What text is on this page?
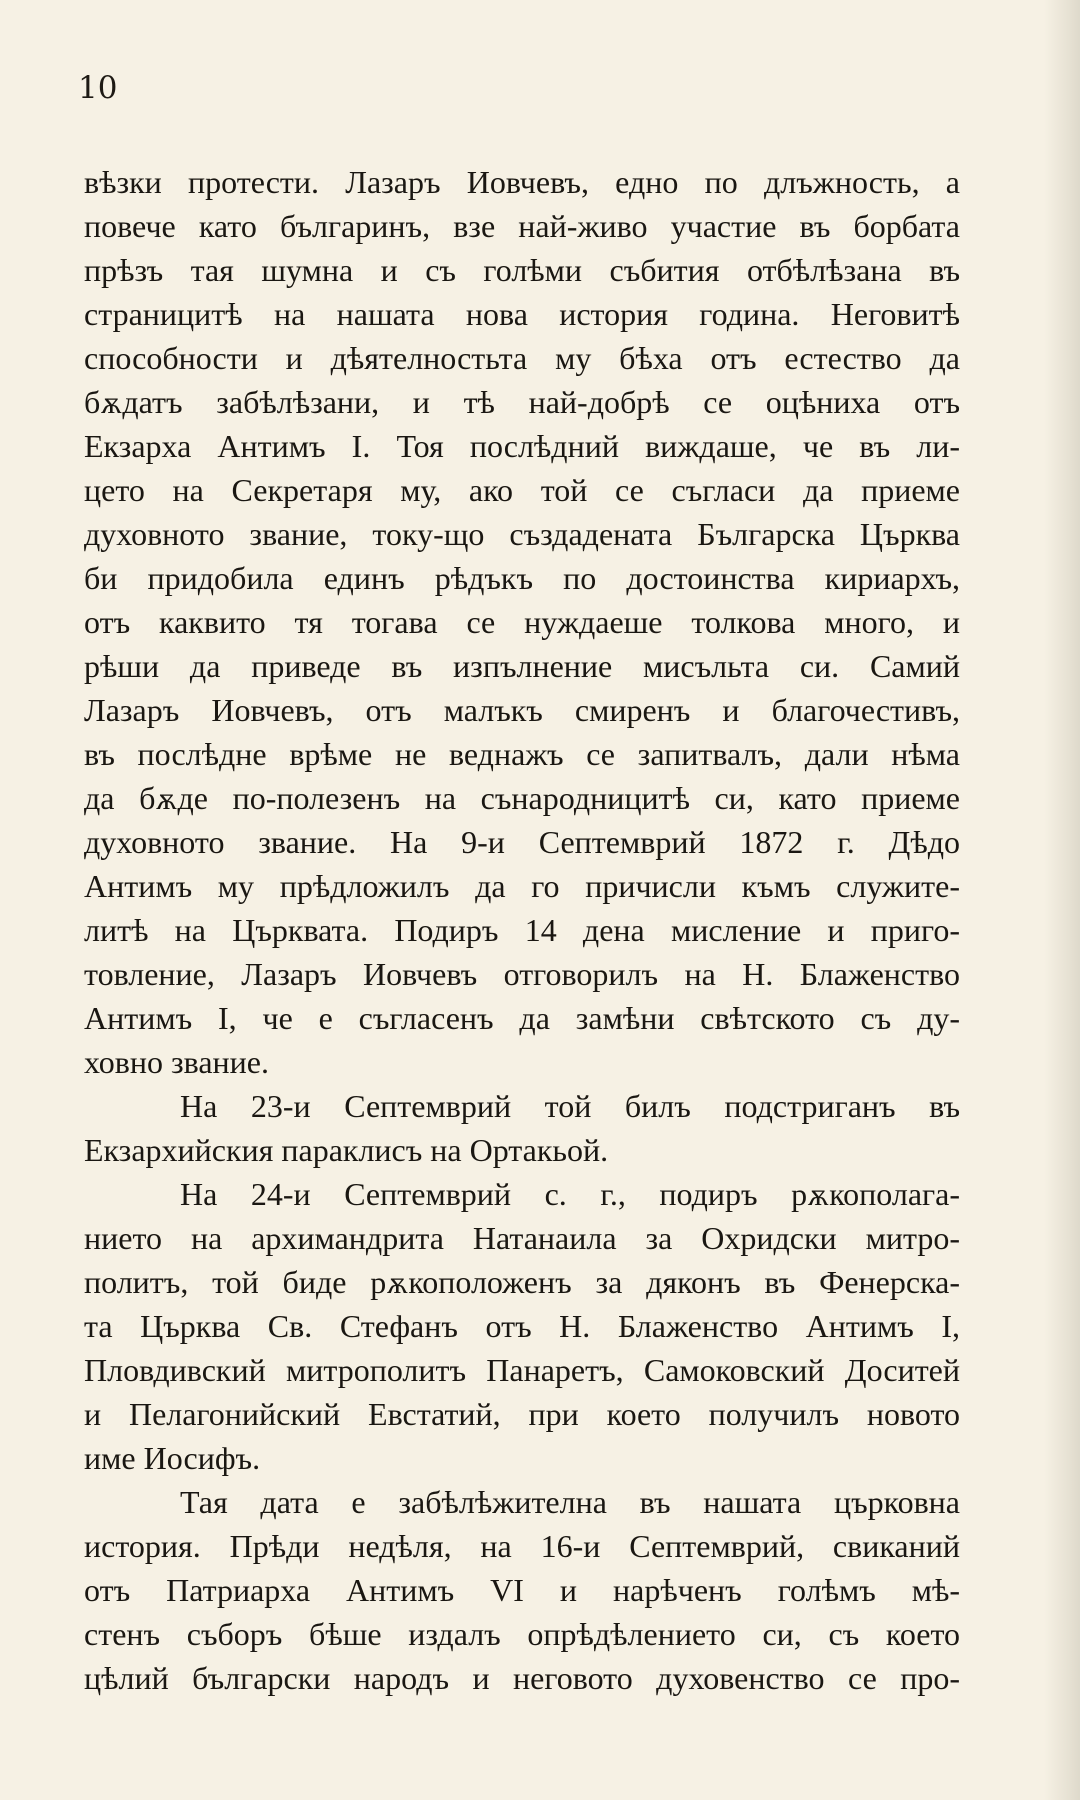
10
вѣзки протести. Лазаръ Иовчевъ, едно по длъжность, а
повече като българинъ, взе най-живо участие въ борбата
прѣзъ тая шумна и съ голѣми събития отбѣлѣзана въ
страницитѣ на нашата нова история година. Неговитѣ
способности и дѣятелностьта му бѣха отъ естество да
бѫдатъ забѣлѣзани, и тѣ най-добрѣ се оцѣниха отъ
Екзарха Антимъ I. Тоя послѣдний виждаше, че въ ли-
цето на Секретаря му, ако той се съгласи да приеме
духовното звание, току-що създадената Българска Църква
би придобила единъ рѣдъкъ по достоинства кириархъ,
отъ каквито тя тогава се нуждаеше толкова много, и
рѣши да приведе въ изпълнение мисъльта си. Самий
Лазаръ Иовчевъ, отъ малъкъ смиренъ и благочестивъ,
въ послѣдне врѣме не веднажъ се запитвалъ, дали нѣма
да бѫде по-полезенъ на сънародницитѣ си, като приеме
духовното звание. На 9-и Септемврий 1872 г. Дѣдо
Антимъ му прѣдложилъ да го причисли къмъ служите-
литѣ на Църквата. Подиръ 14 дена мисление и приго-
товление, Лазаръ Иовчевъ отговорилъ на Н. Блаженство
Антимъ I, че е съгласенъ да замѣни свѣтското съ ду-
ховно звание.
На 23-и Септемврий той билъ подстриганъ въ
Екзархийския параклисъ на Ортакьой.
На 24-и Септемврий с. г., подиръ рѫкополага-
нието на архимандрита Натанаила за Охридски митро-
политъ, той биде рѫкоположенъ за дяконъ въ Фенерска-
та Църква Св. Стефанъ отъ Н. Блаженство Антимъ I,
Пловдивский митрополитъ Панаретъ, Самоковский Доситей
и Пелагонийский Евстатий, при което получилъ новото
име Иосифъ.
Тая дата е забѣлѣжителна въ нашата църковна
история. Прѣди недѣля, на 16-и Септемврий, свиканий
отъ Патриарха Антимъ VI и нарѣченъ голѣмъ мѣ-
стенъ съборъ бѣше издалъ опрѣдѣлението си, съ което
цѣлий български народъ и неговото духовенство се про-
